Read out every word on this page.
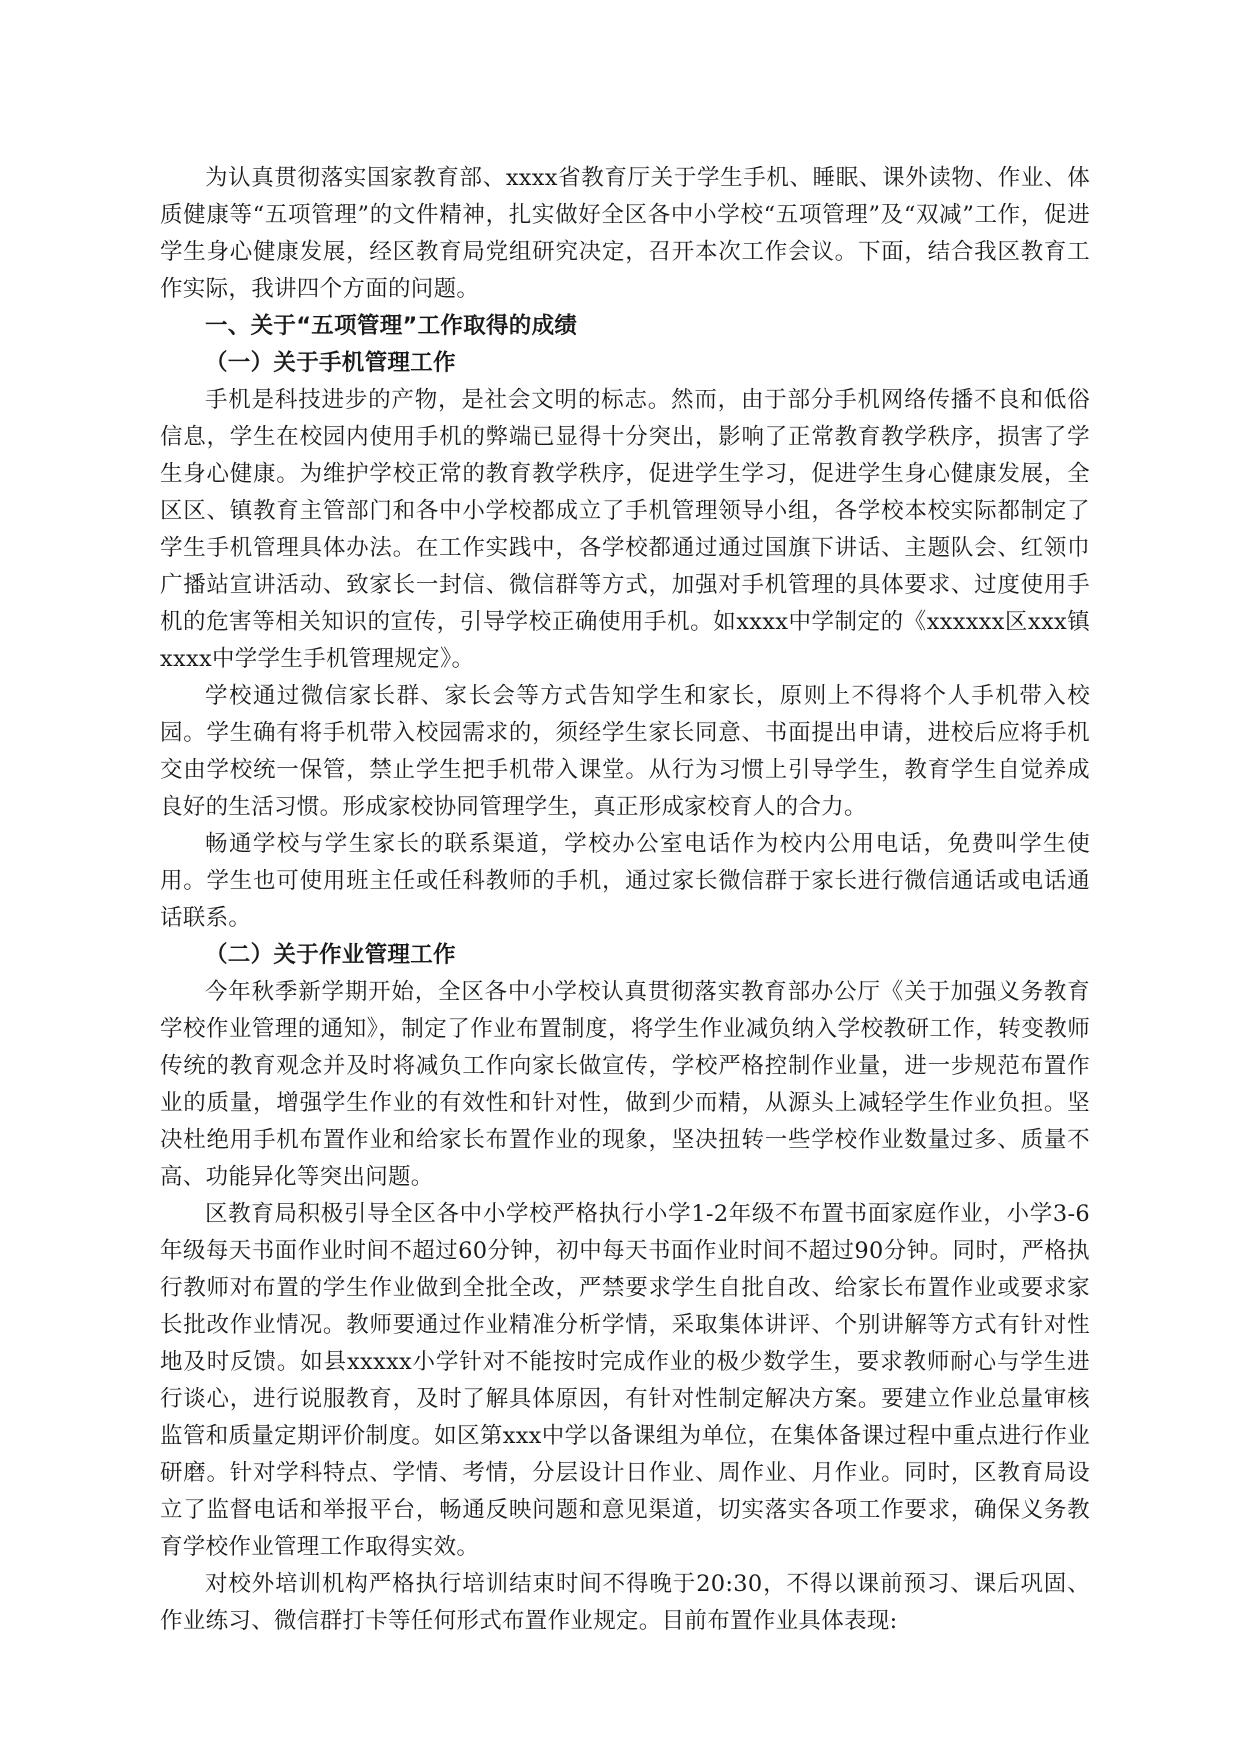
为认真贯彻落实国家教育部、xxxx省教育厅关于学生手机、睡眠、课外读物、作业、体质健康等“五项管理”的文件精神，扎实做好全区各中小学校“五项管理”及“双减”工作，促进学生身心健康发展，经区教育局党组研究决定，召开本次工作会议。下面，结合我区教育工作实际，我讲四个方面的问题。

一、关于“五项管理”工作取得的成绩
（一）关于手机管理工作

手机是科技进步的产物，是社会文明的标志。然而，由于部分手机网络传播不良和低俗信息，学生在校园内使用手机的弊端已显得十分突出，影响了正常教育教学秩序，损害了学生身心健康。为维护学校正常的教育教学秩序，促进学生学习，促进学生身心健康发展，全区区、镇教育主管部门和各中小学校都成立了手机管理领导小组，各学校本校实际都制定了学生手机管理具体办法。在工作实践中，各学校都通过通过国旗下讲话、主题队会、红领巾广播站宣讲活动、致家长一封信、微信群等方式，加强对手机管理的具体要求、过度使用手机的危害等相关知识的宣传，引导学校正确使用手机。如xxxx中学制定的《xxxxxx区xxx镇xxxx中学学生手机管理规定》。

学校通过微信家长群、家长会等方式告知学生和家长，原则上不得将个人手机带入校园。学生确有将手机带入校园需求的，须经学生家长同意、书面提出申请，进校后应将手机交由学校统一保管，禁止学生把手机带入课堂。从行为习惯上引导学生，教育学生自觉养成良好的生活习惯。形成家校协同管理学生，真正形成家校育人的合力。

畅通学校与学生家长的联系渠道，学校办公室电话作为校内公用电话，免费叫学生使用。学生也可使用班主任或任科教师的手机，通过家长微信群于家长进行微信通话或电话通话联系。

（二）关于作业管理工作

今年秋季新学期开始，全区各中小学校认真贯彻落实教育部办公厅《关于加强义务教育学校作业管理的通知》，制定了作业布置制度，将学生作业减负纳入学校教研工作，转变教师传统的教育观念并及时将减负工作向家长做宣传，学校严格控制作业量，进一步规范布置作业的质量，增强学生作业的有效性和针对性，做到少而精，从源头上减轻学生作业负担。坚决杜绝用手机布置作业和给家长布置作业的现象，坚决扭转一些学校作业数量过多、质量不高、功能异化等突出问题。

区教育局积极引导全区各中小学校严格执行小学1-2年级不布置书面家庭作业，小学3-6年级每天书面作业时间不超过60分钟，初中每天书面作业时间不超过90分钟。同时，严格执行教师对布置的学生作业做到全批全改，严禁要求学生自批自改、给家长布置作业或要求家长批改作业情况。教师要通过作业精准分析学情，采取集体讲评、个别讲解等方式有针对性地及时反馈。如县xxxxx小学针对不能按时完成作业的极少数学生，要求教师耐心与学生进行谈心，进行说服教育，及时了解具体原因，有针对性制定解决方案。要建立作业总量审核监管和质量定期评价制度。如区第xxx中学以备课组为单位，在集体备课过程中重点进行作业研磨。针对学科特点、学情、考情，分层设计日作业、周作业、月作业。同时，区教育局设立了监督电话和举报平台，畅通反映问题和意见渠道，切实落实各项工作要求，确保义务教育学校作业管理工作取得实效。

对校外培训机构严格执行培训结束时间不得晚于20:30，不得以课前预习、课后巩固、作业练习、微信群打卡等任何形式布置作业规定。目前布置作业具体表现:
